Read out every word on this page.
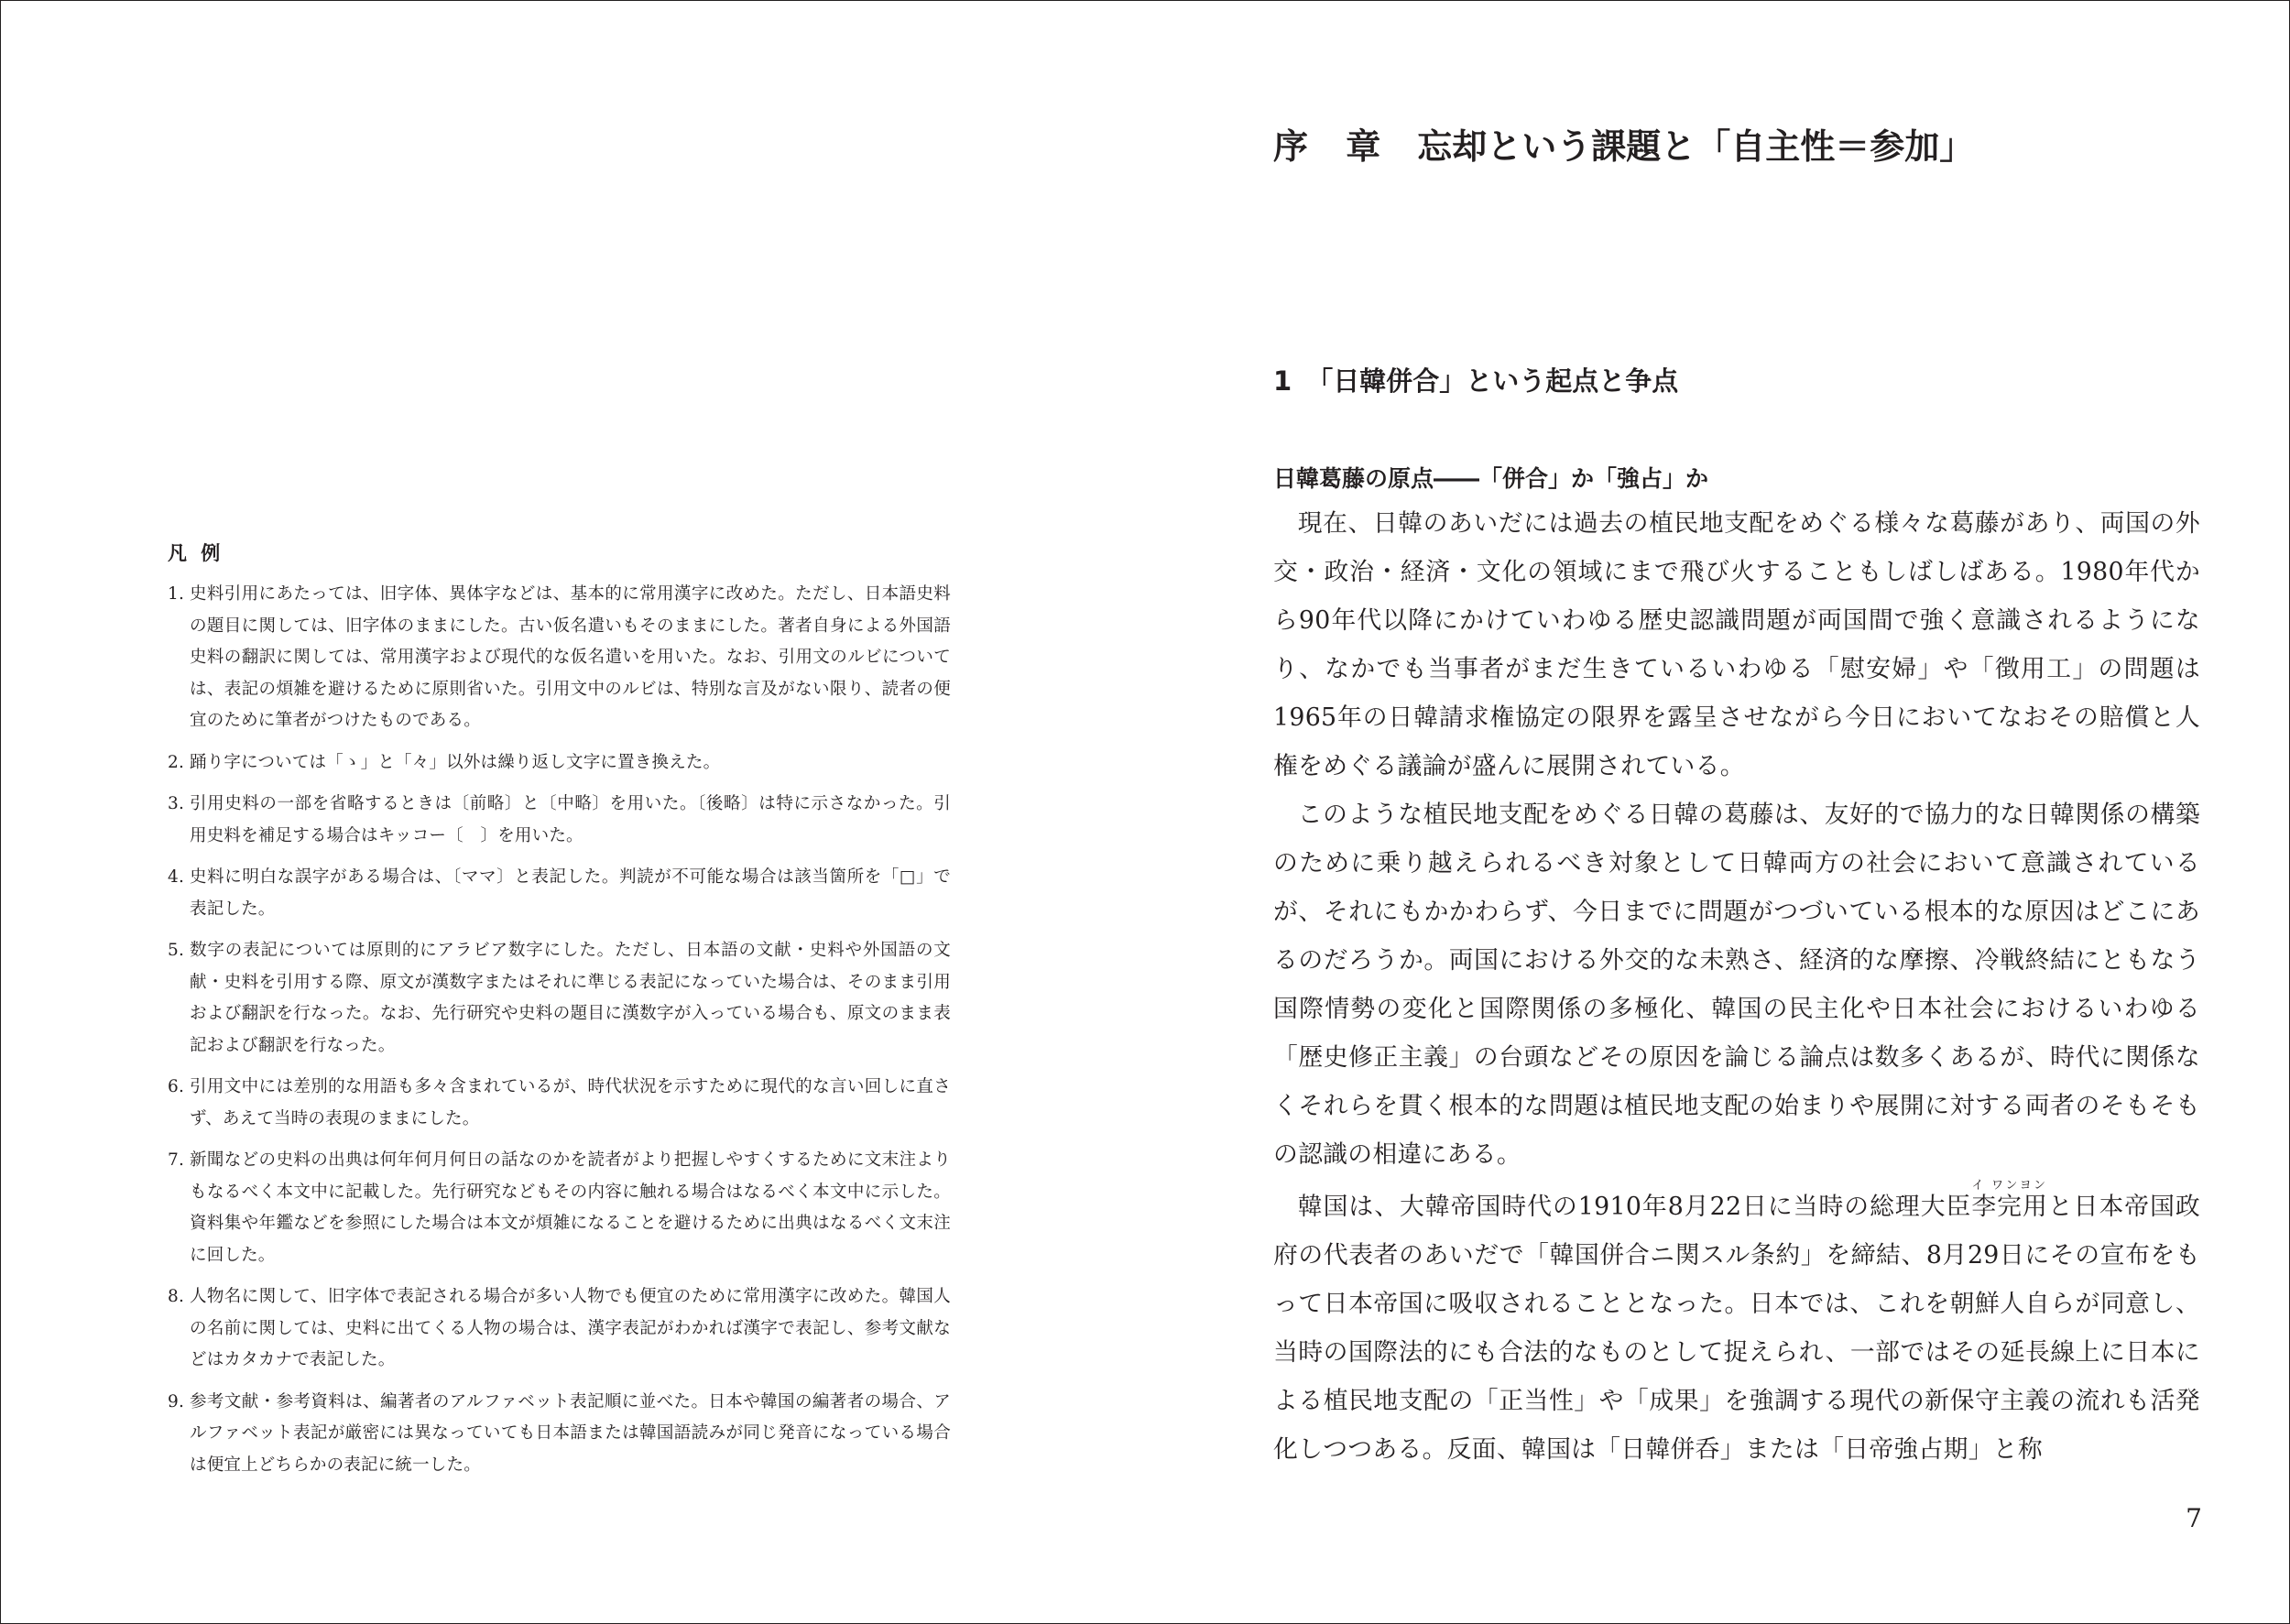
凡 例
1. 史料引用にあたっては、旧字体、異体字などは、基本的に常用漢字に改めた。ただし、日本語史料の題目に関しては、旧字体のままにした。古い仮名遣いもそのままにした。著者自身による外国語史料の翻訳に関しては、常用漢字および現代的な仮名遣いを用いた。なお、引用文のルビについては、表記の煩雑を避けるために原則省いた。引用文中のルビは、特別な言及がない限り、読者の便宜のために筆者がつけたものである。
2. 踊り字については「ゝ」と「々」以外は繰り返し文字に置き換えた。
3. 引用史料の一部を省略するときは〔前略〕と〔中略〕を用いた。〔後略〕は特に示さなかった。引用史料を補足する場合はキッコー〔　〕を用いた。
4. 史料に明白な誤字がある場合は、〔ママ〕と表記した。判読が不可能な場合は該当箇所を「□」で表記した。
5. 数字の表記については原則的にアラビア数字にした。ただし、日本語の文献・史料や外国語の文献・史料を引用する際、原文が漢数字またはそれに準じる表記になっていた場合は、そのまま引用および翻訳を行なった。なお、先行研究や史料の題目に漢数字が入っている場合も、原文のまま表記および翻訳を行なった。
6. 引用文中には差別的な用語も多々含まれているが、時代状況を示すために現代的な言い回しに直さず、あえて当時の表現のままにした。
7. 新聞などの史料の出典は何年何月何日の話なのかを読者がより把握しやすくするために文末注よりもなるべく本文中に記載した。先行研究などもその内容に触れる場合はなるべく本文中に示した。資料集や年鑑などを参照にした場合は本文が煩雑になることを避けるために出典はなるべく文末注に回した。
8. 人物名に関して、旧字体で表記される場合が多い人物でも便宜のために常用漢字に改めた。韓国人の名前に関しては、史料に出てくる人物の場合は、漢字表記がわかれば漢字で表記し、参考文献などはカタカナで表記した。
9. 参考文献・参考資料は、編著者のアルファベット表記順に並べた。日本や韓国の編著者の場合、アルファベット表記が厳密には異なっていても日本語または韓国語読みが同じ発音になっている場合は便宜上どちらかの表記に統一した。
序 章 忘却という課題と「自主性＝参加」
1 「日韓併合」という起点と争点
日韓葛藤の原点――「併合」か「強占」か

現在、日韓のあいだには過去の植民地支配をめぐる様々な葛藤があり、両国の外交・政治・経済・文化の領域にまで飛び火することもしばしばある。1980年代から90年代以降にかけていわゆる歴史認識問題が両国間で強く意識されるようになり、なかでも当事者がまだ生きているいわゆる「慰安婦」や「徴用工」の問題は1965年の日韓請求権協定の限界を露呈させながら今日においてなおその賠償と人権をめぐる議論が盛んに展開されている。

このような植民地支配をめぐる日韓の葛藤は、友好的で協力的な日韓関係の構築のために乗り越えられるべき対象として日韓両方の社会において意識されているが、それにもかかわらず、今日までに問題がつづいている根本的な原因はどこにあるのだろうか。両国における外交的な未熟さ、経済的な摩擦、冷戦終結にともなう国際情勢の変化と国際関係の多極化、韓国の民主化や日本社会におけるいわゆる「歴史修正主義」の台頭などその原因を論じる論点は数多くあるが、時代に関係なくそれらを貫く根本的な問題は植民地支配の始まりや展開に対する両者のそもそもの認識の相違にある。

韓国は、大韓帝国時代の1910年8月22日に当時の総理大臣李完用イ ワンヨンと日本帝国政府の代表者のあいだで「韓国併合ニ関スル条約」を締結、8月29日にその宣布をもって日本帝国に吸収されることとなった。日本では、これを朝鮮人自らが同意し、当時の国際法的にも合法的なものとして捉えられ、一部ではその延長線上に日本による植民地支配の「正当性」や「成果」を強調する現代の新保守主義の流れも活発化しつつある。反面、韓国は「日韓併呑」または「日帝強占期」と称

7
